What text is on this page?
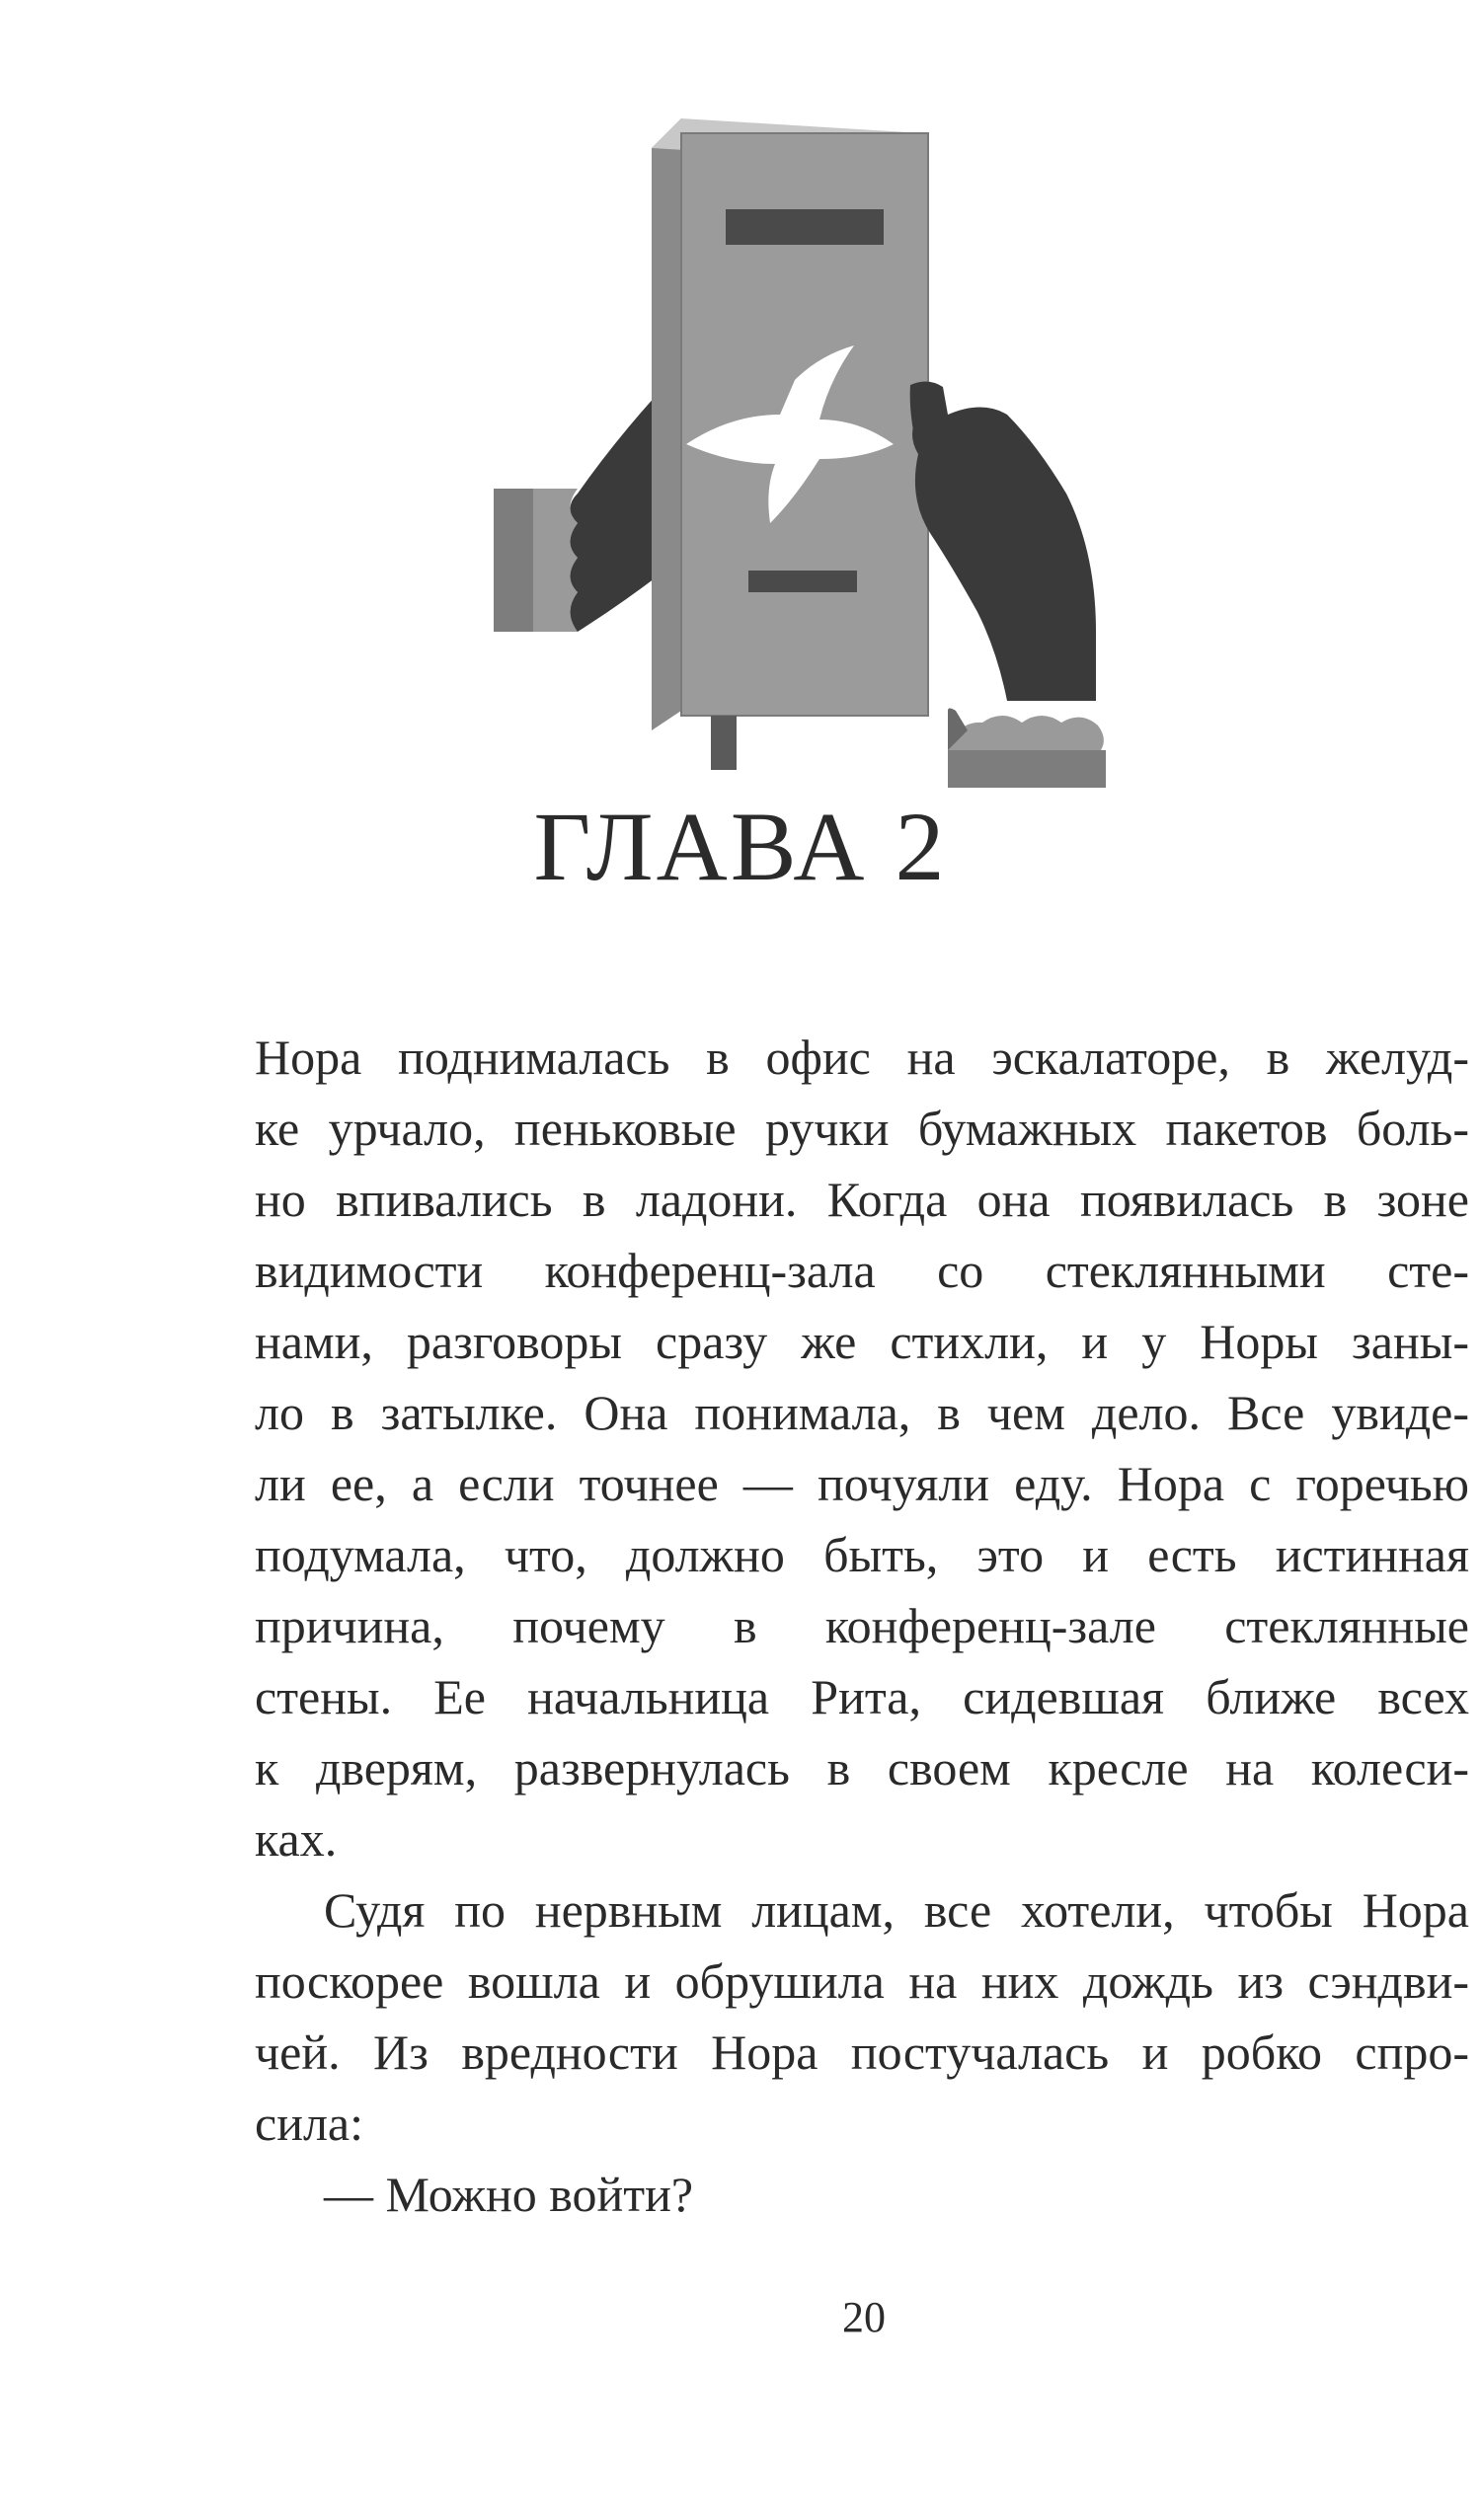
ГЛАВА 2
Нора поднималась в офис на эскалаторе, в желуд-
ке урчало, пеньковые ручки бумажных пакетов боль-
но впивались в ладони. Когда она появилась в зоне
видимости конференц-зала со стеклянными сте-
нами, разговоры сразу же стихли, и у Норы заны-
ло в затылке. Она понимала, в чем дело. Все увиде-
ли ее, а если точнее — почуяли еду. Нора с горечью
подумала, что, должно быть, это и есть истинная
причина, почему в конференц-зале стеклянные
стены. Ее начальница Рита, сидевшая ближе всех
к дверям, развернулась в своем кресле на колеси-
ках.
Судя по нервным лицам, все хотели, чтобы Нора
поскорее вошла и обрушила на них дождь из сэндви-
чей. Из вредности Нора постучалась и робко спро-
сила:
— Можно войти?
20
